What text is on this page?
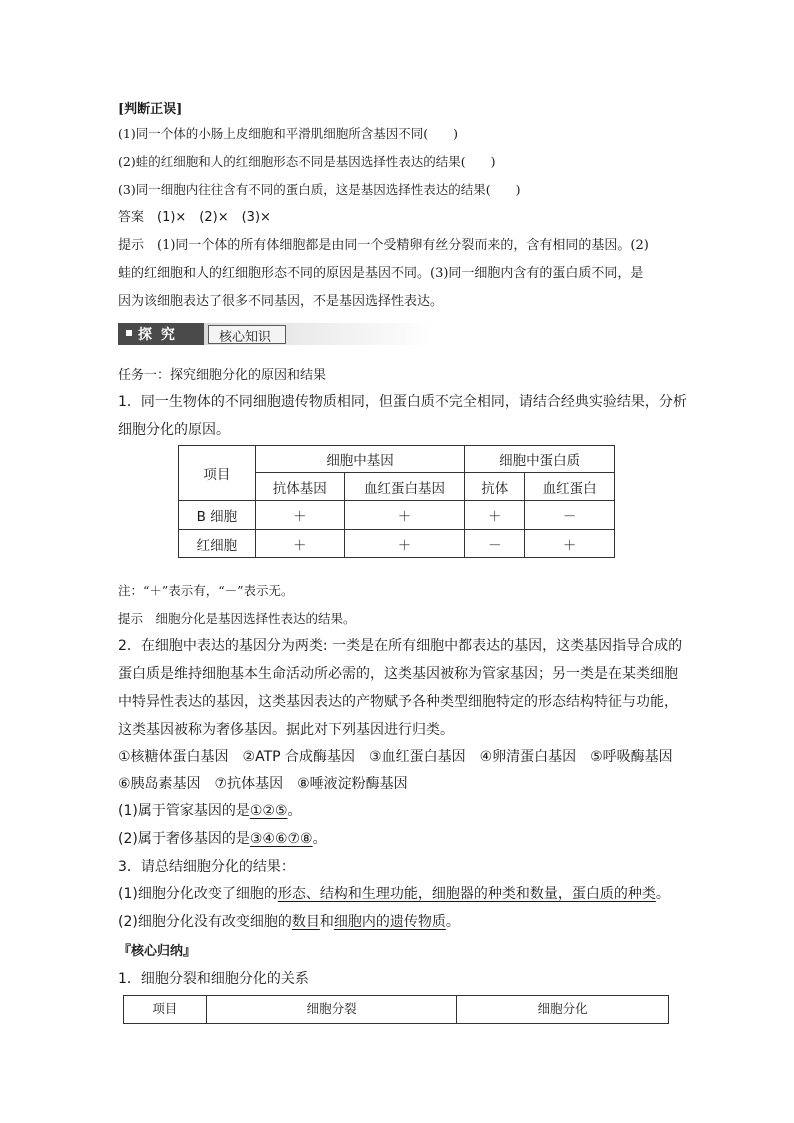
[判断正误]
(1)同一个体的小肠上皮细胞和平滑肌细胞所含基因不同(　　)
(2)蛙的红细胞和人的红细胞形态不同是基因选择性表达的结果(　　)
(3)同一细胞内往往含有不同的蛋白质，这是基因选择性表达的结果(　　)
答案　(1)×　(2)×　(3)×
提示　(1)同一个体的所有体细胞都是由同一个受精卵有丝分裂而来的，含有相同的基因。(2)
蛙的红细胞和人的红细胞形态不同的原因是基因不同。(3)同一细胞内含有的蛋白质不同，是
因为该细胞表达了很多不同基因，不是基因选择性表达。
探 究	核心知识
任务一：探究细胞分化的原因和结果
1．同一生物体的不同细胞遗传物质相同，但蛋白质不完全相同，请结合经典实验结果，分析
细胞分化的原因。
项目	细胞中基因		细胞中蛋白质	
	抗体基因	血红蛋白基因	抗体	血红蛋白
B 细胞	＋	＋	＋	－
红细胞	＋	＋	－	＋
注：“＋”表示有，“－”表示无。
提示　细胞分化是基因选择性表达的结果。
2．在细胞中表达的基因分为两类: 一类是在所有细胞中都表达的基因，这类基因指导合成的
蛋白质是维持细胞基本生命活动所必需的，这类基因被称为管家基因；另一类是在某类细胞
中特异性表达的基因，这类基因表达的产物赋予各种类型细胞特定的形态结构特征与功能，
这类基因被称为奢侈基因。据此对下列基因进行归类。
①核糖体蛋白基因　②ATP 合成酶基因　③血红蛋白基因　④卵清蛋白基因　⑤呼吸酶基因
⑥胰岛素基因　⑦抗体基因　⑧唾液淀粉酶基因
(1)属于管家基因的是①②⑤。
(2)属于奢侈基因的是③④⑥⑦⑧。
3．请总结细胞分化的结果：
(1)细胞分化改变了细胞的形态、结构和生理功能，细胞器的种类和数量，蛋白质的种类。
(2)细胞分化没有改变细胞的数目和细胞内的遗传物质。
『核心归纳』
1．细胞分裂和细胞分化的关系
项目	细胞分裂	细胞分化
